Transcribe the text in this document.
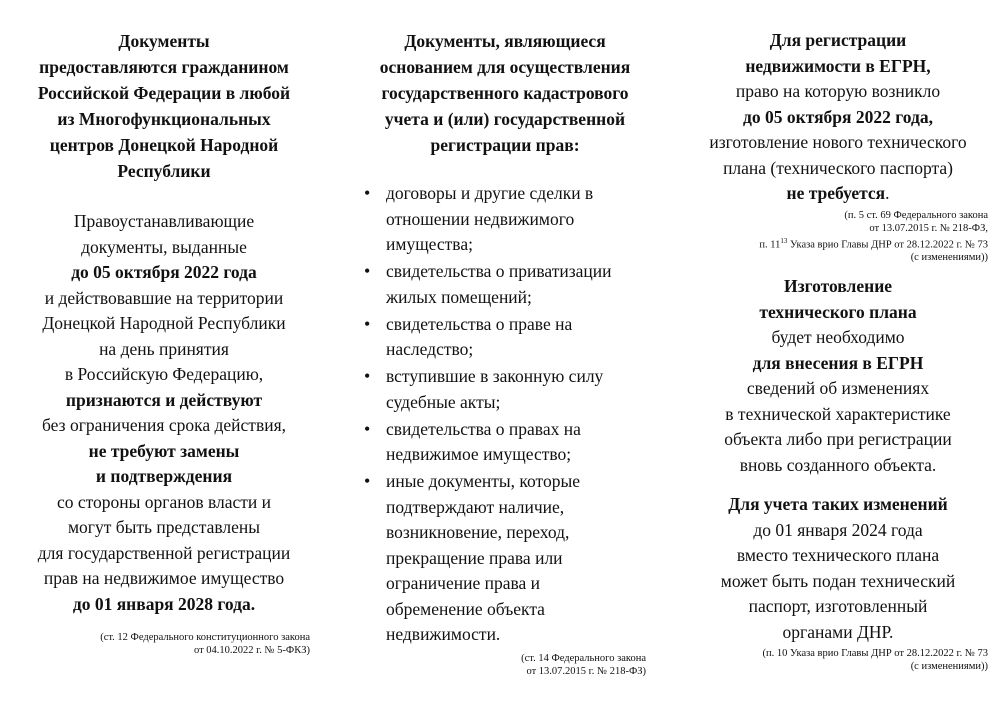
Документы
предоставляются гражданином
Российской Федерации в любой
из Многофункциональных
центров Донецкой Народной
Республики
Правоустанавливающие
документы, выданные
до 05 октября 2022 года
и действовавшие на территории
Донецкой Народной Республики
на день принятия
в Российскую Федерацию,
признаются и действуют
без ограничения срока действия,
не требуют замены
и подтверждения
со стороны органов власти и
могут быть представлены
для государственной регистрации
прав на недвижимое имущество
до 01 января 2028 года.
(ст. 12 Федерального конституционного закона
от 04.10.2022 г. № 5-ФКЗ)
Документы, являющиеся
основанием для осуществления
государственного кадастрового
учета и (или) государственной
регистрации прав:
• договоры и другие сделки в
отношении недвижимого
имущества;
• свидетельства о приватизации
жилых помещений;
• свидетельства о праве на
наследство;
• вступившие в законную силу
судебные акты;
• свидетельства о правах на
недвижимое имущество;
• иные документы, которые
подтверждают наличие,
возникновение, переход,
прекращение права или
ограничение права и
обременение объекта
недвижимости.
(ст. 14 Федерального закона
от 13.07.2015 г. № 218-ФЗ)
Для регистрации
недвижимости в ЕГРН,
право на которую возникло
до 05 октября 2022 года,
изготовление нового технического
плана (технического паспорта)
не требуется.
(п. 5 ст. 69 Федерального закона
от 13.07.2015 г. № 218-ФЗ,
п. $11^{13}$ Указа врио Главы ДНР от 28.12.2022 г. № 73
(с изменениями))
Изготовление
технического плана
будет необходимо
для внесения в ЕГРН
сведений об изменениях
в технической характеристике
объекта либо при регистрации
вновь созданного объекта.
Для учета таких изменений
до 01 января 2024 года
вместо технического плана
может быть подан технический
паспорт, изготовленный
органами ДНР.
(п. 10 Указа врио Главы ДНР от 28.12.2022 г. № 73
(с изменениями))
